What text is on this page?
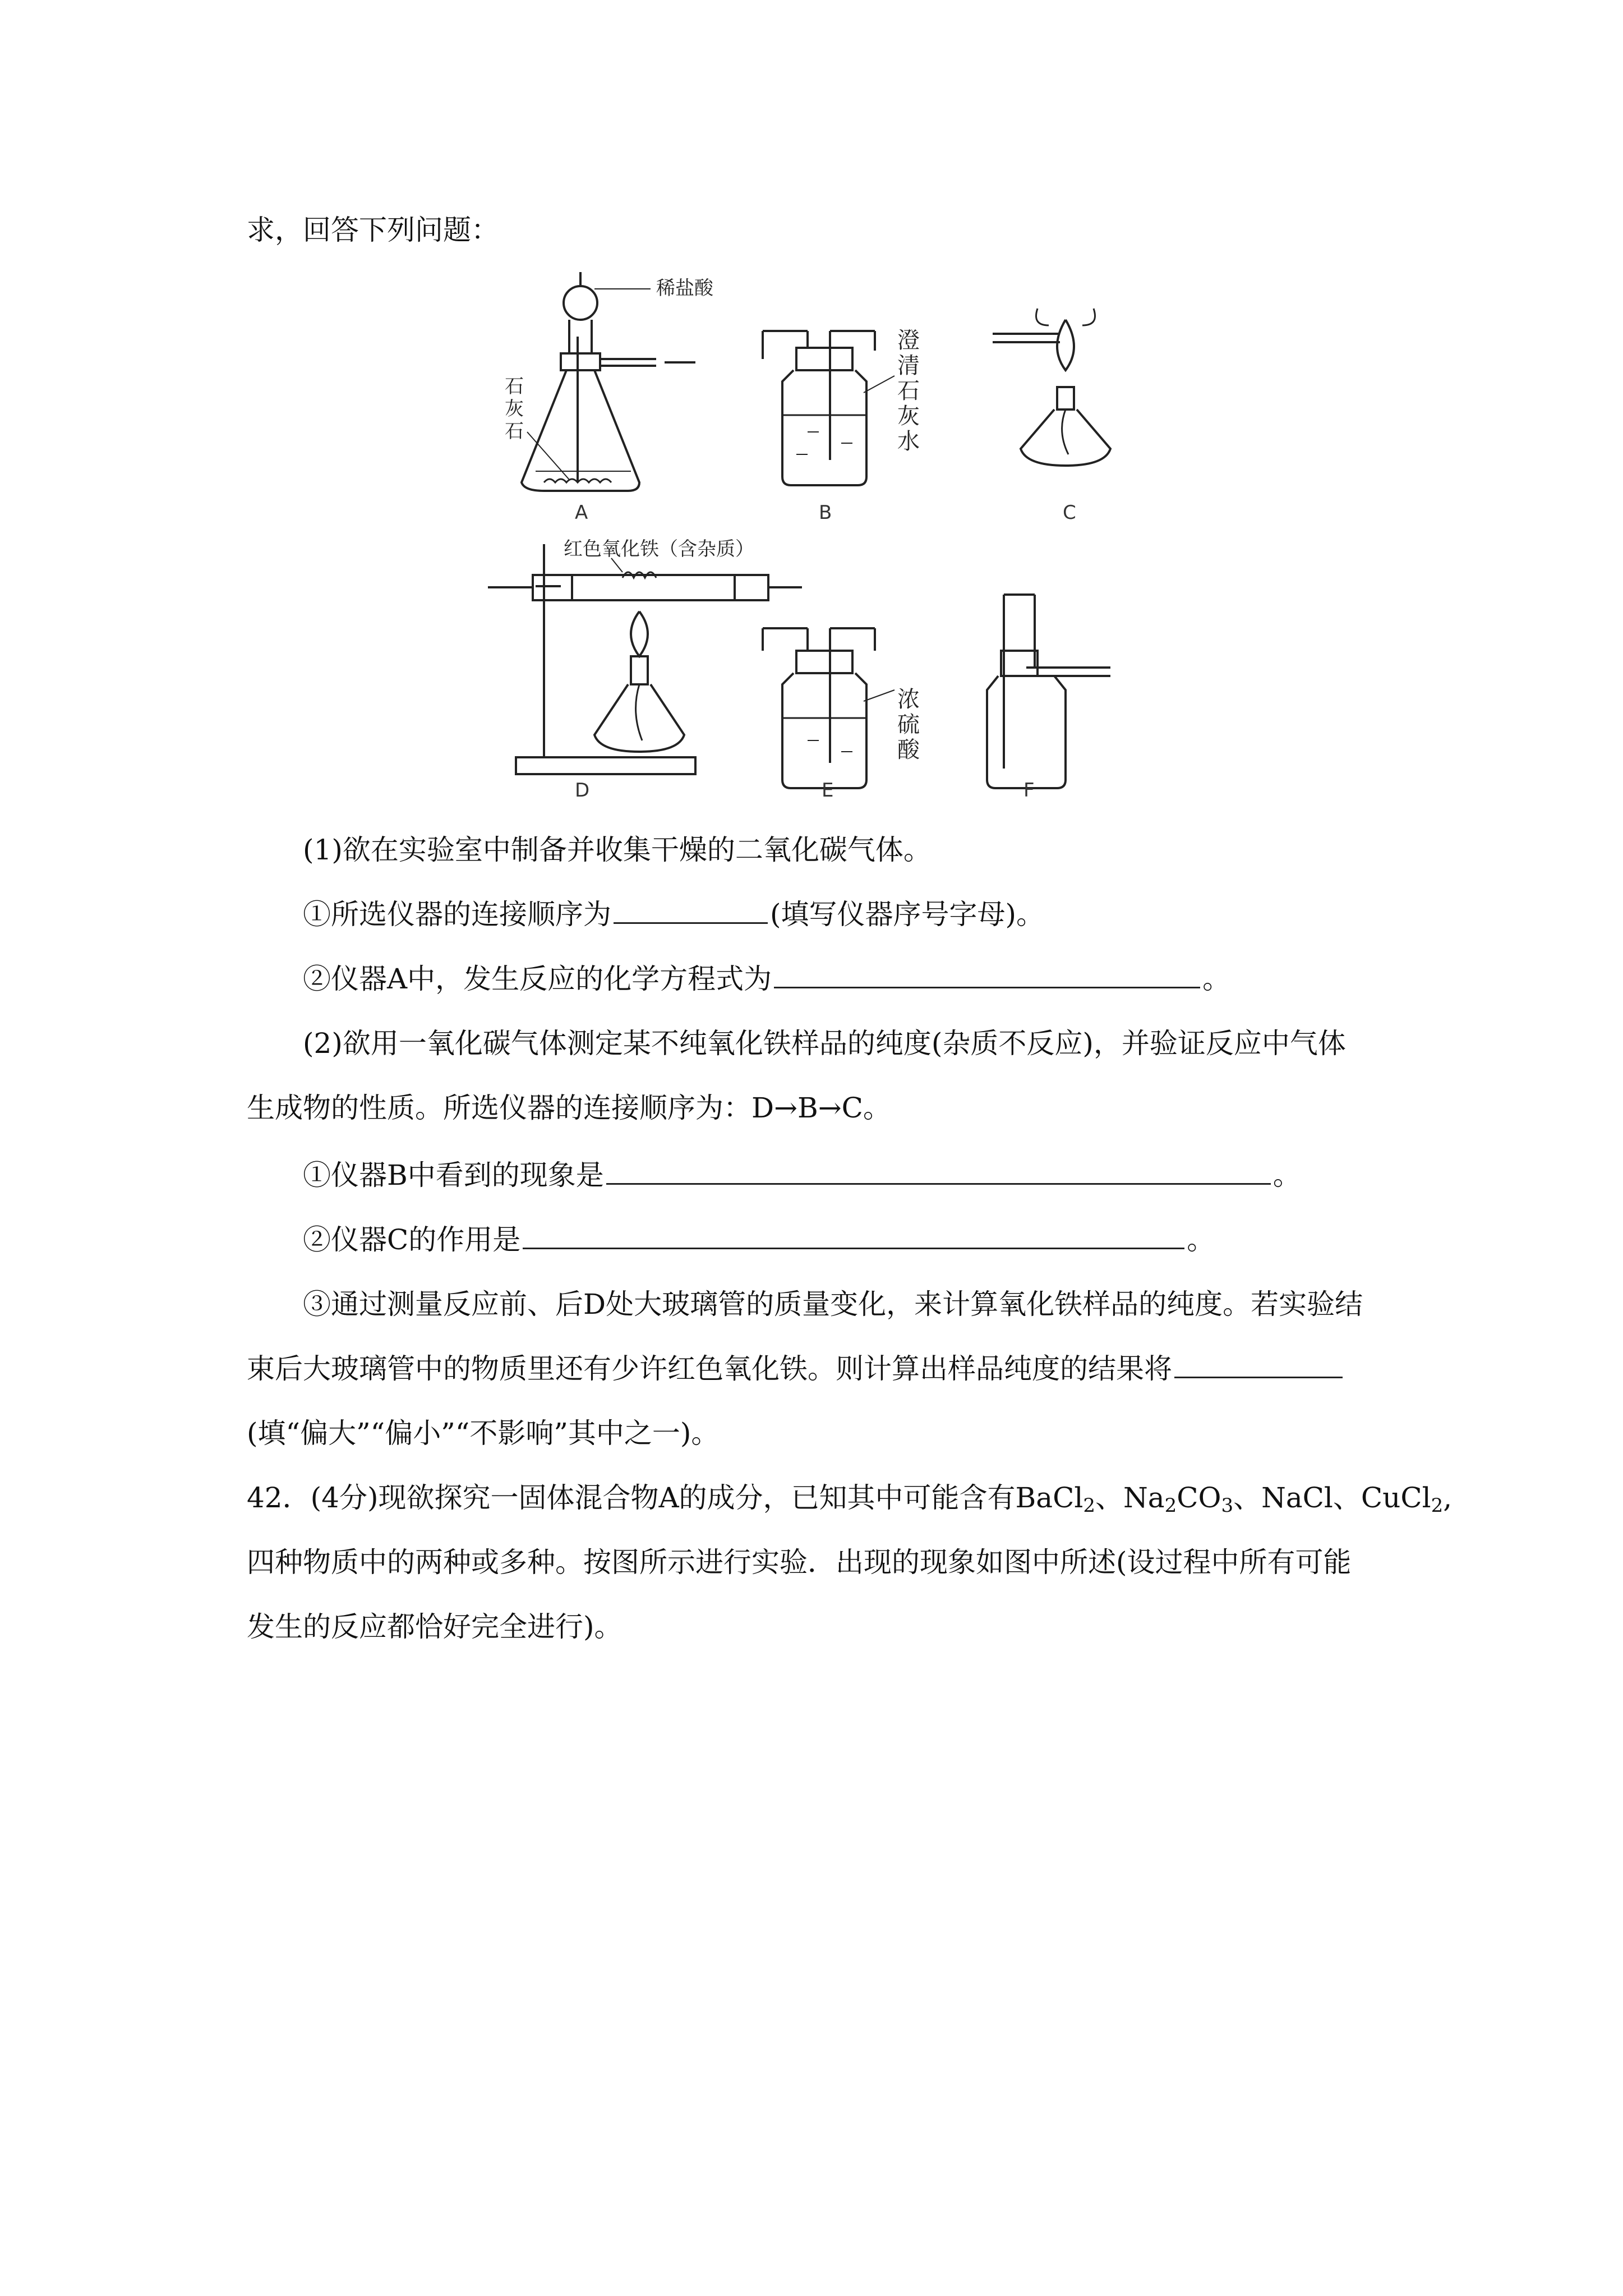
求，回答下列问题：
稀盐酸
石
灰
石
澄
清
石
灰
水
红色氧化铁（含杂质）
浓
硫
酸
A	B	C
D	E	F
(1)欲在实验室中制备并收集干燥的二氧化碳气体。
①所选仪器的连接顺序为	(填写仪器序号字母)。
②仪器A中，发生反应的化学方程式为	。
(2)欲用一氧化碳气体测定某不纯氧化铁样品的纯度(杂质不反应)，并验证反应中气体
生成物的性质。所选仪器的连接顺序为：D→B→C。
①仪器B中看到的现象是	。
②仪器C的作用是	。
③通过测量反应前、后D处大玻璃管的质量变化，来计算氧化铁样品的纯度。若实验结
束后大玻璃管中的物质里还有少许红色氧化铁。则计算出样品纯度的结果将
(填“偏大”“偏小”“不影响”其中之一)。
42．(4分)现欲探究一固体混合物A的成分，已知其中可能含有BaCl$_2$、$Na_2CO_3$、NaCl、CuCl$_2$,
四种物质中的两种或多种。按图所示进行实验．出现的现象如图中所述(设过程中所有可能
发生的反应都恰好完全进行)。
